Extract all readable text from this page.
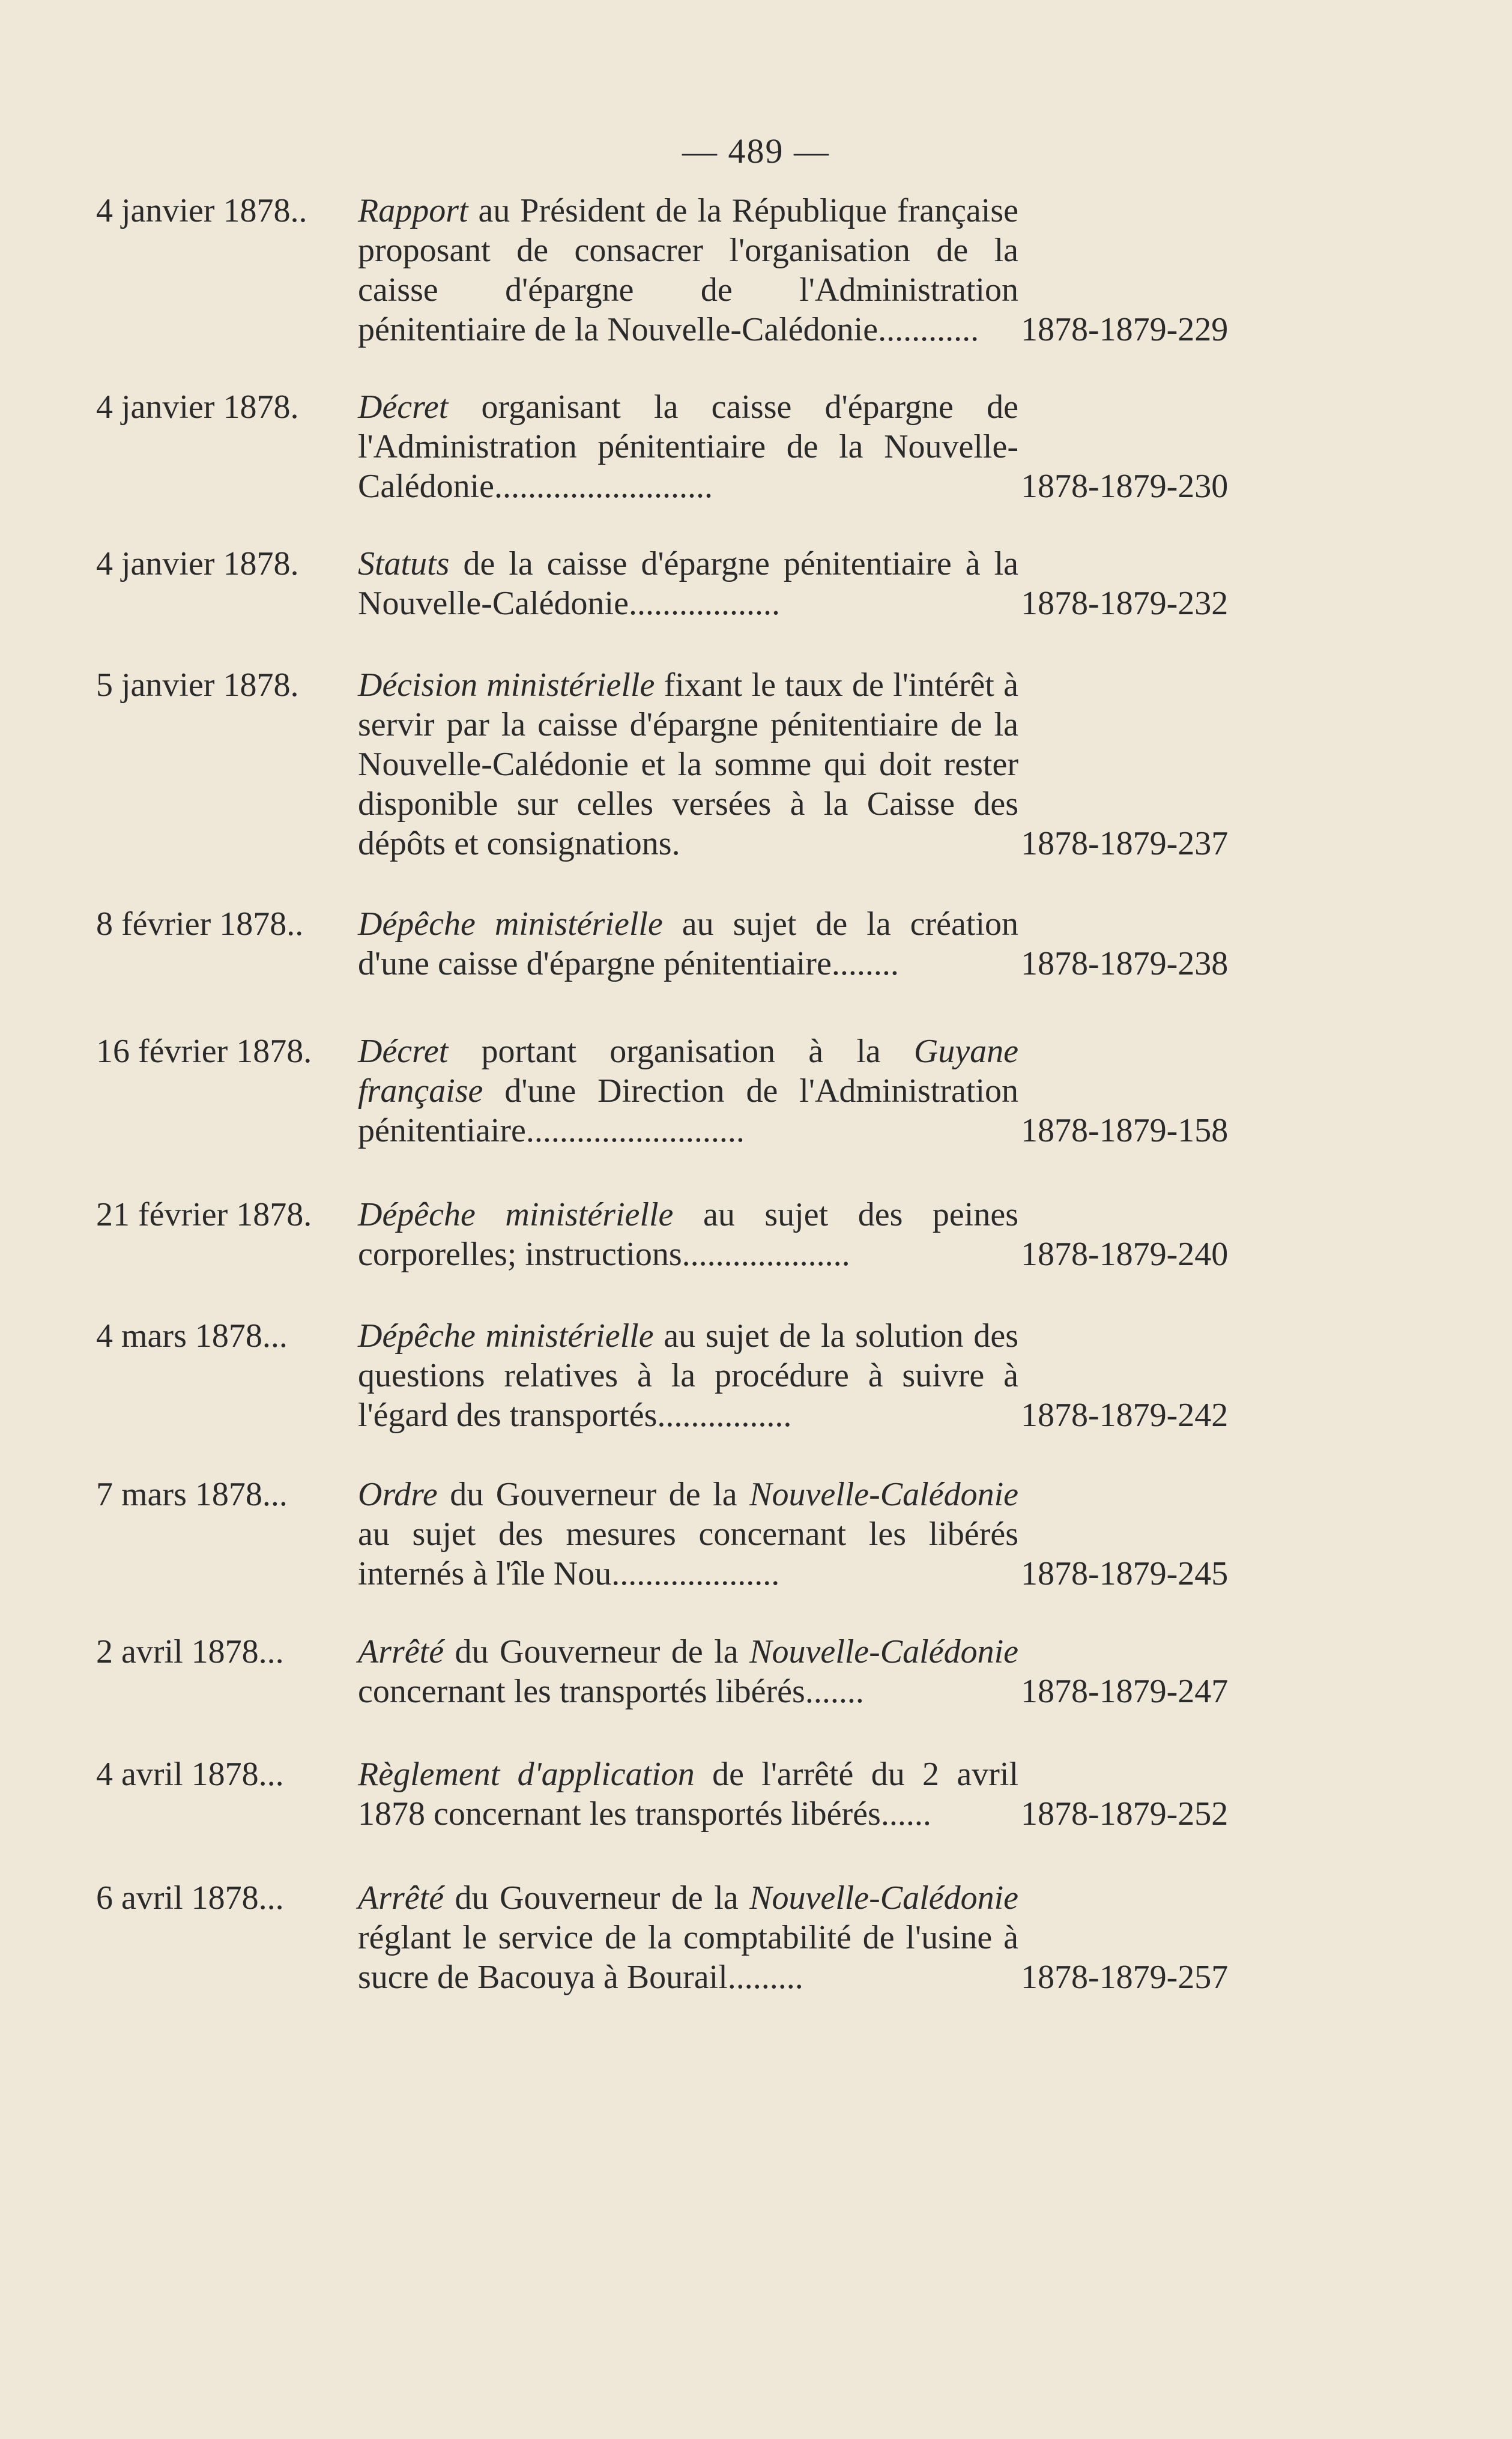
— 489 —
4 janvier 1878..	Rapport au Président de la République française proposant de consacrer l'organisation de la caisse d'épargne de l'Administration pénitentiaire de la Nouvelle-Calédonie............	1878-1879-229
4 janvier 1878.	Décret organisant la caisse d'épargne de l'Administration pénitentiaire de la Nouvelle-Calédonie..........................	1878-1879-230
4 janvier 1878.	Statuts de la caisse d'épargne pénitentiaire à la Nouvelle-Calédonie..................	1878-1879-232
5 janvier 1878.	Décision ministérielle fixant le taux de l'intérêt à servir par la caisse d'épargne pénitentiaire de la Nouvelle-Calédonie et la somme qui doit rester disponible sur celles versées à la Caisse des dépôts et consignations.	1878-1879-237
8 février 1878..	Dépêche ministérielle au sujet de la création d'une caisse d'épargne pénitentiaire........	1878-1879-238
16 février 1878.	Décret portant organisation à la Guyane française d'une Direction de l'Administration pénitentiaire..........................	1878-1879-158
21 février 1878.	Dépêche ministérielle au sujet des peines corporelles; instructions....................	1878-1879-240
4 mars 1878...	Dépêche ministérielle au sujet de la solution des questions relatives à la procédure à suivre à l'égard des transportés................	1878-1879-242
7 mars 1878...	Ordre du Gouverneur de la Nouvelle-Calédonie au sujet des mesures concernant les libérés internés à l'île Nou....................	1878-1879-245
2 avril 1878...	Arrêté du Gouverneur de la Nouvelle-Calédonie concernant les transportés libérés.......	1878-1879-247
4 avril 1878...	Règlement d'application de l'arrêté du 2 avril 1878 concernant les transportés libérés......	1878-1879-252
6 avril 1878...	Arrêté du Gouverneur de la Nouvelle-Calédonie réglant le service de la comptabilité de l'usine à sucre de Bacouya à Bourail.........	1878-1879-257
